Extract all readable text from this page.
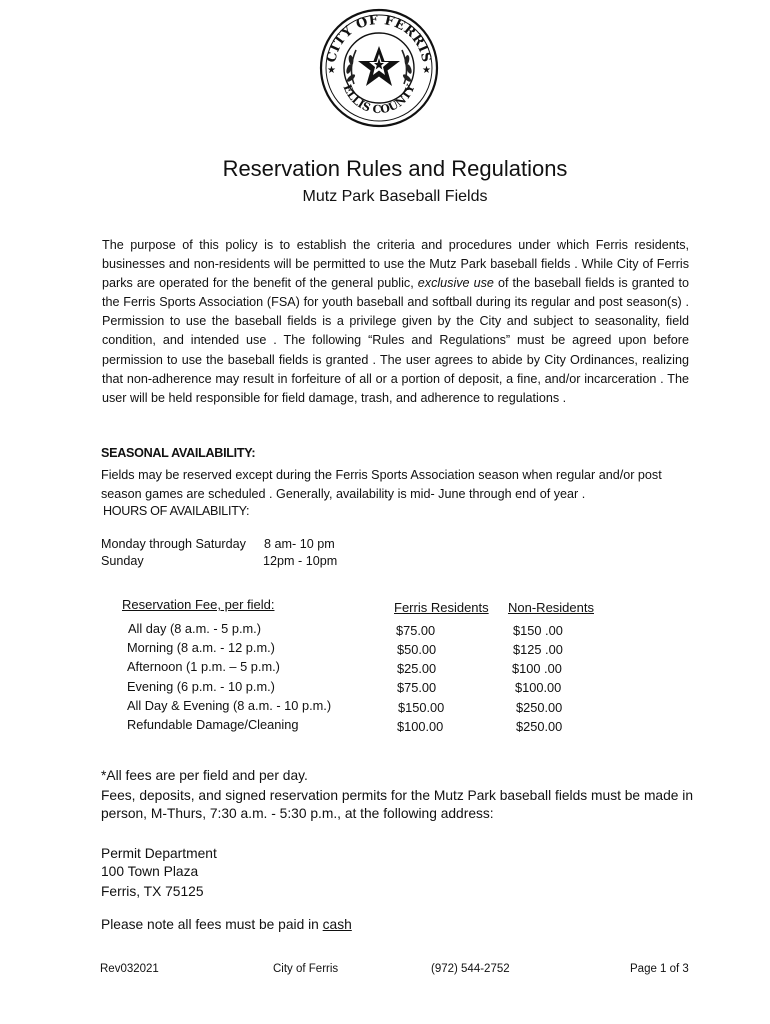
CITY OF FERRIS
ELLIS COUNTY
★	★
Reservation Rules and Regulations
Mutz Park Baseball Fields
The purpose of this policy is to establish the criteria and procedures under which Ferris residents, businesses and non-residents will be permitted to use the Mutz Park baseball fields . While City of Ferris parks are operated for the benefit of the general public, exclusive use of the baseball fields is granted to the Ferris Sports Association (FSA) for youth baseball and softball during its regular and post season(s) . Permission to use the baseball fields is a privilege given by the City and subject to seasonality, field condition, and intended use . The following “Rules and Regulations” must be agreed upon before permission to use the baseball fields is granted . The user agrees to abide by City Ordinances, realizing that non-adherence may result in forfeiture of all or a portion of deposit, a fine, and/or incarceration . The user will be held responsible for field damage, trash, and adherence to regulations .
SEASONAL AVAILABILITY:
Fields may be reserved except during the Ferris Sports Association season when regular and/or post season games are scheduled . Generally, availability is mid- June through end of year .
HOURS OF AVAILABILITY:
Monday through Saturday 8 am- 10 pm
Sunday	12pm - 10pm
Reservation Fee, per field:	Ferris Residents Non-Residents
All day (8 a.m. - 5 p.m.)	$75.00	$150 .00
Morning (8 a.m. - 12 p.m.)	$50.00	$125 .00
Afternoon (1 p.m. – 5 p.m.)	$25.00	$100 .00
Evening (6 p.m. - 10 p.m.)	$75.00	$100.00
All Day & Evening (8 a.m. - 10 p.m.)	$150.00	$250.00
Refundable Damage/Cleaning	$100.00	$250.00
*All fees are per field and per day.
Fees, deposits, and signed reservation permits for the Mutz Park baseball fields must be made in
person, M-Thurs, 7:30 a.m. - 5:30 p.m., at the following address:
Permit Department
100 Town Plaza
Ferris, TX 75125
Please note all fees must be paid in cash
Rev032021	City of Ferris	(972) 544-2752	Page 1 of 3
